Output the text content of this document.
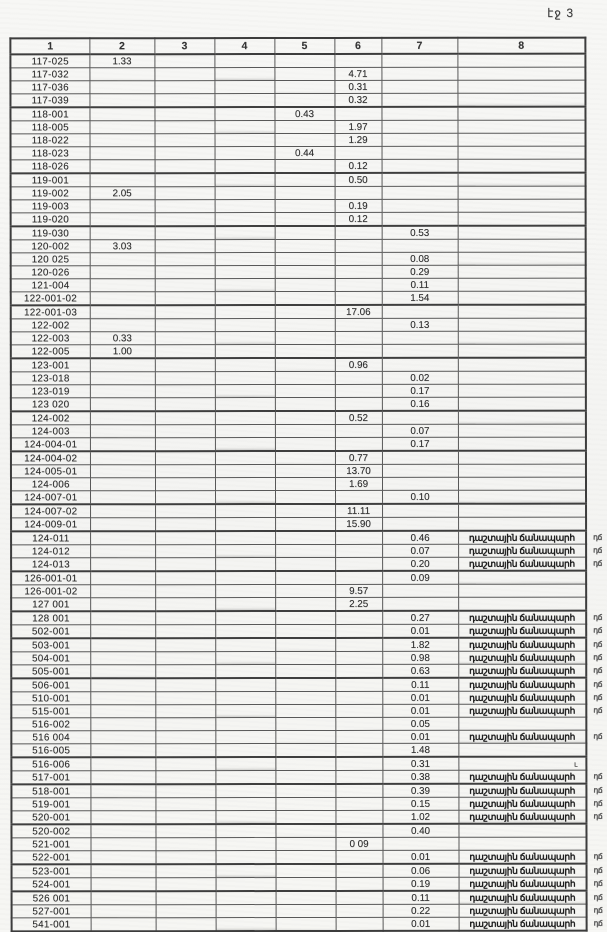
էջ 3
1	2	3	4	5	6	7	8
117-025	1.33						
117-032					4.71		
117-036					0.31		
117-039					0.32		
118-001				0.43			
118-005					1.97		
118-022					1.29		
118-023				0.44			
118-026					0.12		
119-001					0.50		
119-002	2.05						
119-003					0.19		
119-020					0.12		
119-030						0.53	
120-002	3.03						
120 025						0.08	
120-026						0.29	
121-004						0.11	
122-001-02						1.54	
122-001-03					17.06		
122-002						0.13	
122-003	0.33						
122-005	1.00						
123-001					0.96		
123-018						0.02	
123-019						0.17	
123 020						0.16	
124-002					0.52		
124-003						0.07	
124-004-01						0.17	
124-004-02					0.77		
124-005-01					13.70		
124-006					1.69		
124-007-01						0.10	
124-007-02					11.11		
124-009-01					15.90		
124-011						0.46	դաշտային ճանապարհ դճ

124-012						0.07	դաշտային ճանապարհ դճ

124-013						0.20	դաշտային ճանապարհ դճ

126-001-01						0.09	
126-001-02					9.57		
127 001					2.25		
128 001						0.27	դաշտային ճանապարհ դճ

502-001						0.01	դաշտային ճանապարհ դճ

503-001						1.82	դաշտային ճանապարհ դճ

504-001						0.98	դաշտային ճանապարհ դճ

505-001						0.63	դաշտային ճանապարհ դճ

506-001						0.11	դաշտային ճանապարհ դճ

510-001						0.01	դաշտային ճանապարհ դճ

515-001						0.01	դաշտային ճանապարհ դճ

516-002						0.05	
516 004						0.01	դաշտային ճանապարհ դճ

516-005						1.48	
516-006						0.31	ւ
517-001						0.38	դաշտային ճանապարհ դճ

518-001						0.39	դաշտային ճանապարհ դճ

519-001						0.15	դաշտային ճանապարհ դճ

520-001						1.02	դաշտային ճանապարհ դճ

520-002						0.40	
521-001					0 09		
522-001						0.01	դաշտային ճանապարհ դճ

523-001						0.06	դաշտային ճանապարհ դճ

524-001						0.19	դաշտային ճանապարհ դճ

526 001						0.11	դաշտային ճանապարհ դճ

527-001						0.22	դաշտային ճանապարհ դճ

541-001						0.01	դաշտային ճանապարհ դճ
